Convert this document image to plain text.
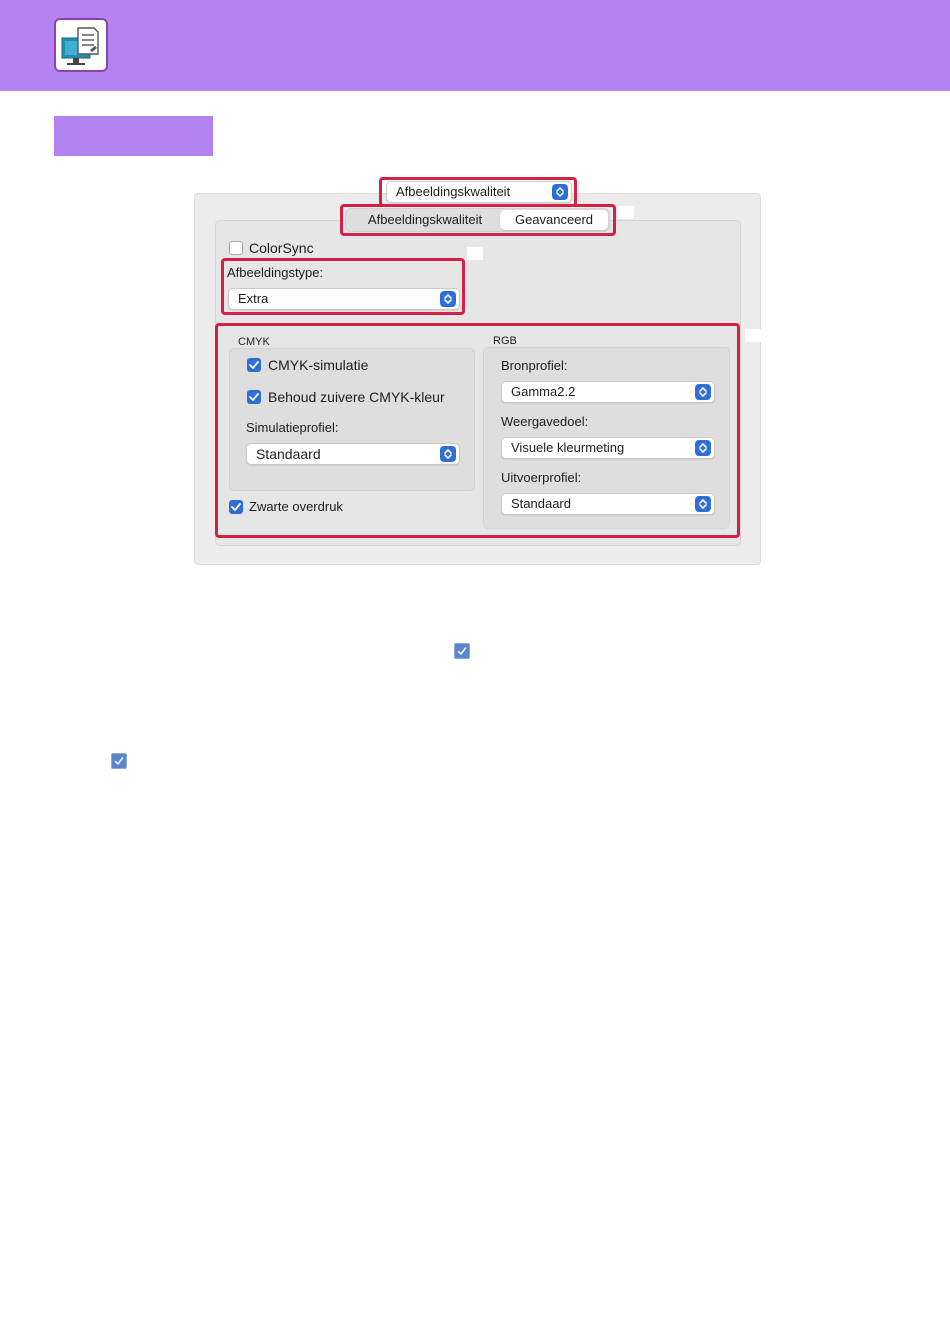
Afbeeldingskwaliteit
Afbeeldingskwaliteit	Geavanceerd
ColorSync
Afbeeldingstype:
Extra
CMYK
CMYK-simulatie
Behoud zuivere CMYK-kleur
Simulatieprofiel:
Standaard
Zwarte overdruk
RGB
Bronprofiel:
Gamma2.2
Weergavedoel:
Visuele kleurmeting
Uitvoerprofiel:
Standaard
